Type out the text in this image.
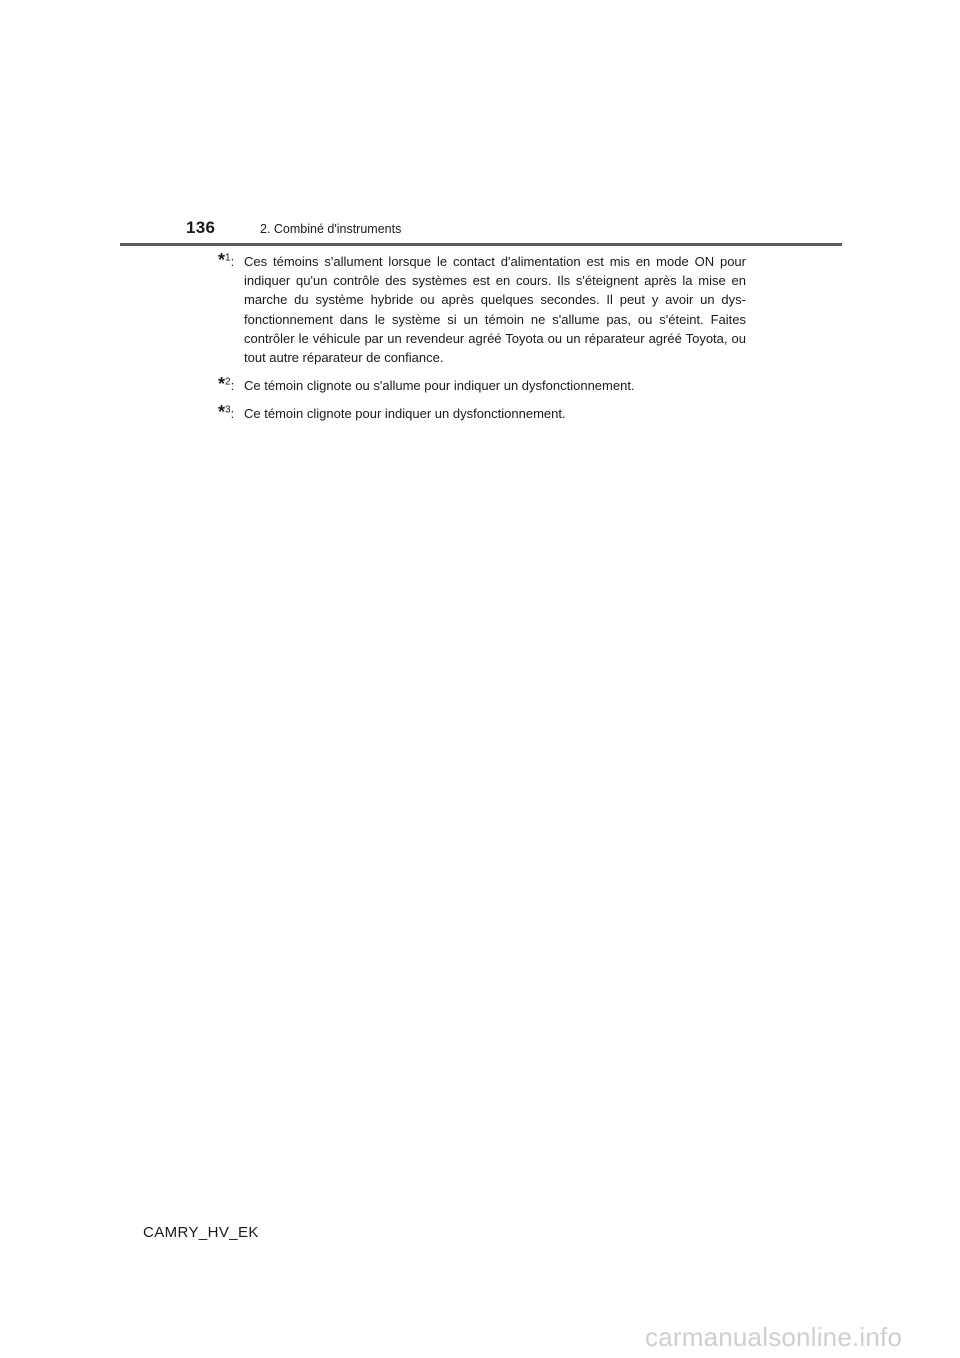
136	2. Combiné d'instruments
*$^1$: Ces témoins s'allument lorsque le contact d'alimentation est mis en mode ON pour indiquer qu'un contrôle des systèmes est en cours. Ils s'éteignent après la mise en marche du système hybride ou après quelques secondes. Il peut y avoir un dys-fonctionnement dans le système si un témoin ne s'allume pas, ou s'éteint. Faites contrôler le véhicule par un revendeur agréé Toyota ou un réparateur agréé Toyota, ou tout autre réparateur de confiance.
*$^2$: Ce témoin clignote ou s'allume pour indiquer un dysfonctionnement.
*$^3$: Ce témoin clignote pour indiquer un dysfonctionnement.
CAMRY_HV_EK
carmanualsonline.info
